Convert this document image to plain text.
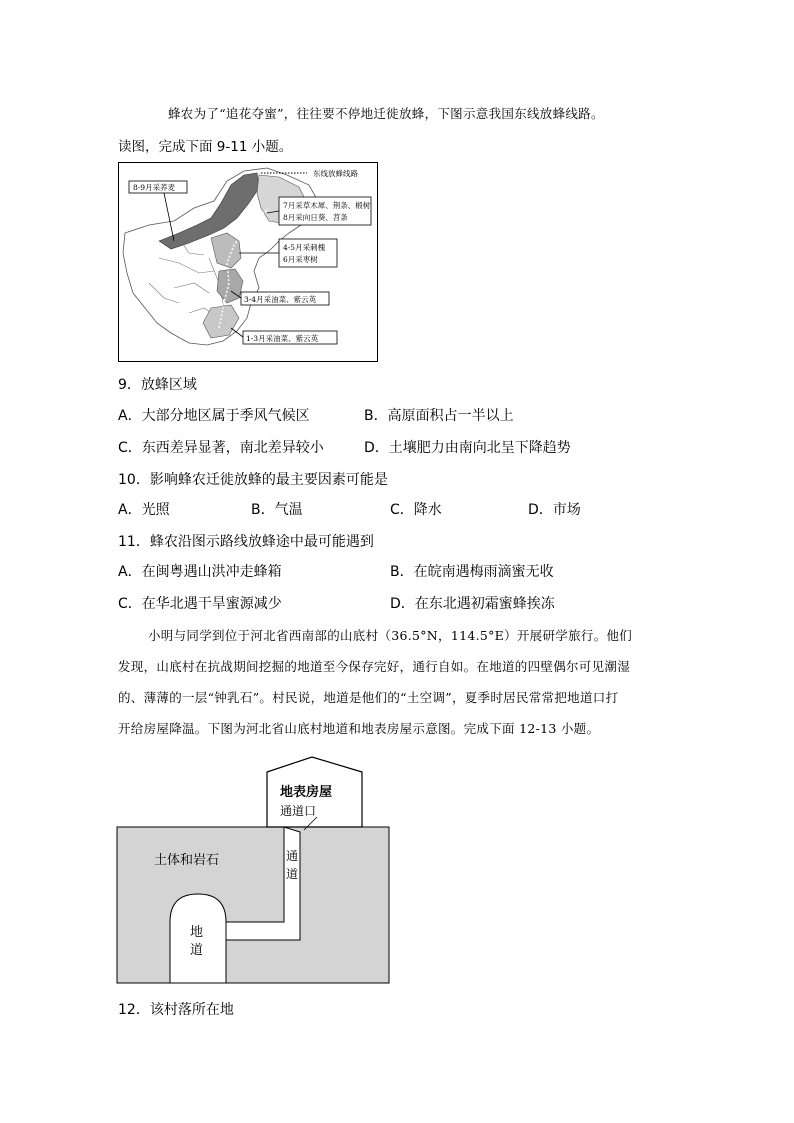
蜂农为了“追花夺蜜”，往往要不停地迁徙放蜂，下图示意我国东线放蜂线路。
读图，完成下面 9-11 小题。
东线放蜂线路
8-9月采荞麦
7月采草木犀、荆条、椴树
8月采向日葵、苕条
4-5月采刺槐
6月采枣树
3-4月采油菜、紫云英
1-3月采油菜、紫云英
9．放蜂区域
A．大部分地区属于季风气候区	B．高原面积占一半以上
C．东西差异显著，南北差异较小	D．土壤肥力由南向北呈下降趋势
10．影响蜂农迁徙放蜂的最主要因素可能是
A．光照	B．气温	C．降水	D．市场
11．蜂农沿图示路线放蜂途中最可能遇到
A．在闽粤遇山洪冲走蜂箱	B．在皖南遇梅雨滴蜜无收
C．在华北遇干旱蜜源减少	D．在东北遇初霜蜜蜂挨冻
小明与同学到位于河北省西南部的山底村（36.5°N，114.5°E）开展研学旅行。他们
发现，山底村在抗战期间挖掘的地道至今保存完好，通行自如。在地道的四壁偶尔可见潮湿
的、薄薄的一层“钟乳石”。村民说，地道是他们的“土空调”，夏季时居民常常把地道口打
开给房屋降温。下图为河北省山底村地道和地表房屋示意图。完成下面 12-13 小题。
地表房屋
通道口
土体和岩石	通
道
地
道
12．该村落所在地
